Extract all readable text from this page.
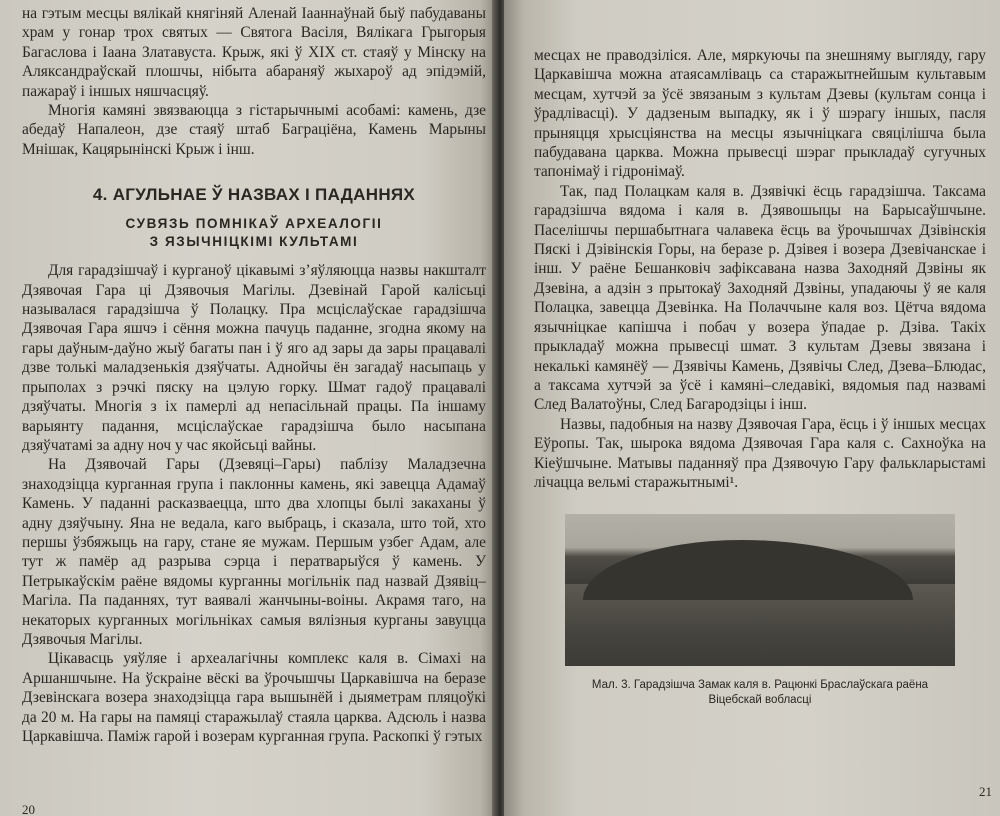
на гэтым месцы вялікай княгіняй Аленай Іааннаўнай быў пабудаваны храм у гонар трох святых — Святога Васіля, Вялікага Грыгорыя Багаслова і Іаана Златавуста. Крыж, які ў XIX ст. стаяў у Мінску на Аляксандраўскай плошчы, нібыта абараняў жыхароў ад эпідэмій, пажараў і іншых няшчасцяў.

Многія камяні звязваюцца з гістарычнымі асобамі: камень, дзе абедаў Напалеон, дзе стаяў штаб Баграціёна, Камень Марыны Мнішак, Кацярынінскі Крыж і інш.

4. АГУЛЬНАЕ Ў НАЗВАХ І ПАДАННЯХ
СУВЯЗЬ ПОМНІКАЎ АРХЕАЛОГІІ
З ЯЗЫЧНІЦКІМІ КУЛЬТАМІ

Для гарадзішчаў і курганоў цікавымі з’яўляюцца назвы накшталт Дзявочая Гара ці Дзявочыя Магілы. Дзевінай Гарой калісьці называлася гарадзішча ў Полацку. Пра мсціслаўскае гарадзішча Дзявочая Гара яшчэ і сёння можна пачуць паданне, згодна якому на гары даўным-даўно жыў багаты пан і ў яго ад зары да зары працавалі дзве толькі маладзенькія дзяўчаты. Аднойчы ён загадаў насыпаць у прыполах з рэчкі пяску на цэлую горку. Шмат гадоў працавалі дзяўчаты. Многія з іх памерлі ад непасільнай працы. Па іншаму варыянту падання, мсціслаўскае гарадзішча было насыпана дзяўчатамі за адну ноч у час якойсьці вайны.

На Дзявочай Гары (Дзевяці–Гары) паблізу Маладзечна знаходзіцца курганная група і паклонны камень, які завецца Адамаў Камень. У паданні расказваецца, што два хлопцы былі закаханы ў адну дзяўчыну. Яна не ведала, каго выбраць, і сказала, што той, хто першы ўзбяжыць на гару, стане яе мужам. Першым узбег Адам, але тут ж памёр ад разрыва сэрца і ператварыўся ў камень. У Петрыкаўскім раёне вядомы курганны могільнік пад назвай Дзявіц–Магіла. Па паданнях, тут ваявалі жанчыны-воіны. Акрамя таго, на некаторых курганных могільніках самыя вялізныя курганы завуцца Дзявочыя Магілы.

Цікавасць уяўляе і археалагічны комплекс каля в. Сімахі на Аршаншчыне. На ўскраіне вёскі ва ўрочышчы Царкавішча на беразе Дзевінскага возера знаходзіцца гара вышынёй і дыяметрам пляцоўкі да 20 м. На гары на памяці старажылаў стаяла царква. Адсюль і назва Царкавішча. Паміж гарой і возерам курганная група. Раскопкі ў гэтых

20

месцах не праводзіліся. Але, мяркуючы па знешняму выгляду, гару Царкавішча можна атаясамліваць са старажытнейшым культавым месцам, хутчэй за ўсё звязаным з культам Дзевы (культам сонца і ўрадлівасці). У дадзеным выпадку, як і ў шэрагу іншых, пасля прыняцця хрысціянства на месцы язычніцкага свяцілішча была пабудавана царква. Можна прывесці шэраг прыкладаў сугучных тапонімаў і гідронімаў.

Так, пад Полацкам каля в. Дзявічкі ёсць гарадзішча. Таксама гарадзішча вядома і каля в. Дзявошыцы на Барысаўшчыне. Паселішчы першабытнага чалавека ёсць ва ўрочышчах Дзівінскія Пяскі і Дзівінскія Горы, на беразе р. Дзівея і возера Дзевічанскае і інш. У раёне Бешанковіч зафіксавана назва Заходняй Дзвіны як Дзевіна, а адзін з прытокаў Заходняй Дзвіны, упадаючы ў яе каля Полацка, завецца Дзевінка. На Полаччыне каля воз. Цётча вядома язычніцкае капішча і побач у возера ўпадае р. Дзіва. Такіх прыкладаў можна прывесці шмат. З культам Дзевы звязана і некалькі камянёў — Дзявічы Камень, Дзявічы След, Дзева–Блюдас, а таксама хутчэй за ўсё і камяні–следавікі, вядомыя пад назвамі След Валатоўны, След Багародзіцы і інш.

Назвы, падобныя на назву Дзявочая Гара, ёсць і ў іншых месцах Еўропы. Так, шырока вядома Дзявочая Гара каля с. Сахноўка на Кіеўшчыне. Матывы паданняў пра Дзявочую Гару фалькларыстамі лічацца вельмі старажытнымі¹.

Мал. 3. Гарадзішча Замак каля в. Рацюнкі Браслаўскага раёна
Віцебскай вобласці
21
